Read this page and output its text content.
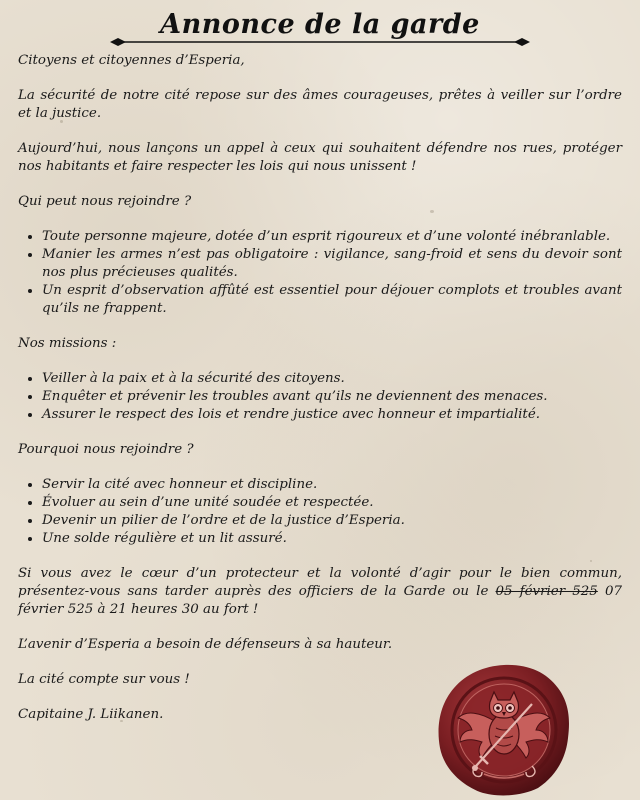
Annonce de la garde

Citoyens et citoyennes d’Esperia,

La sécurité de notre cité repose sur des âmes courageuses, prêtes à veiller sur l’ordre et la justice.

Aujourd’hui, nous lançons un appel à ceux qui souhaitent défendre nos rues, protéger nos habitants et faire respecter les lois qui nous unissent !

Qui peut nous rejoindre ?

• Toute personne majeure, dotée d’un esprit rigoureux et d’une volonté inébranlable.
• Manier les armes n’est pas obligatoire : vigilance, sang-froid et sens du devoir sont nos plus précieuses qualités.
• Un esprit d’observation affûté est essentiel pour déjouer complots et troubles avant qu’ils ne frappent.

Nos missions :

• Veiller à la paix et à la sécurité des citoyens.
• Enquêter et prévenir les troubles avant qu’ils ne deviennent des menaces.
• Assurer le respect des lois et rendre justice avec honneur et impartialité.

Pourquoi nous rejoindre ?

• Servir la cité avec honneur et discipline.
• Évoluer au sein d’une unité soudée et respectée.
• Devenir un pilier de l’ordre et de la justice d’Esperia.
• Une solde régulière et un lit assuré.

Si vous avez le cœur d’un protecteur et la volonté d’agir pour le bien commun, présentez-vous sans tarder auprès des officiers de la Garde ou le 05 février 525 07 février 525 à 21 heures 30 au fort !

L’avenir d’Esperia a besoin de défenseurs à sa hauteur.

La cité compte sur vous !

Capitaine J. Liikanen.
